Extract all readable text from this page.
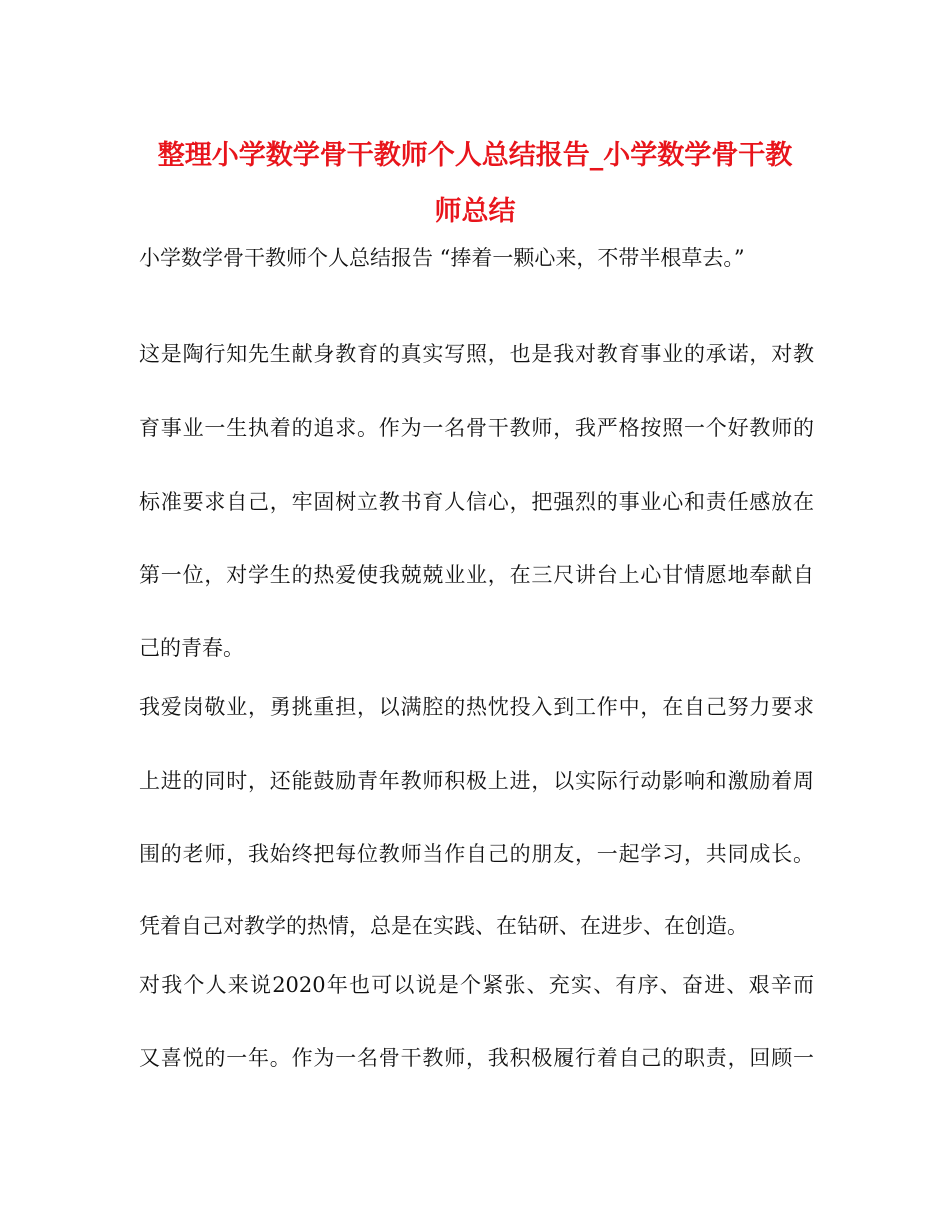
整理小学数学骨干教师个人总结报告_小学数学骨干教
师总结
小学数学骨干教师个人总结报告 “捧着一颗心来，不带半根草去。”
这是陶行知先生献身教育的真实写照，也是我对教育事业的承诺，对教
育事业一生执着的追求。作为一名骨干教师，我严格按照一个好教师的
标准要求自己，牢固树立教书育人信心，把强烈的事业心和责任感放在
第一位，对学生的热爱使我兢兢业业，在三尺讲台上心甘情愿地奉献自
己的青春。
我爱岗敬业，勇挑重担，以满腔的热忱投入到工作中，在自己努力要求
上进的同时，还能鼓励青年教师积极上进，以实际行动影响和激励着周
围的老师，我始终把每位教师当作自己的朋友，一起学习，共同成长。
凭着自己对教学的热情，总是在实践、在钻研、在进步、在创造。
对我个人来说2020年也可以说是个紧张、充实、有序、奋进、艰辛而
又喜悦的一年。作为一名骨干教师，我积极履行着自己的职责，回顾一
